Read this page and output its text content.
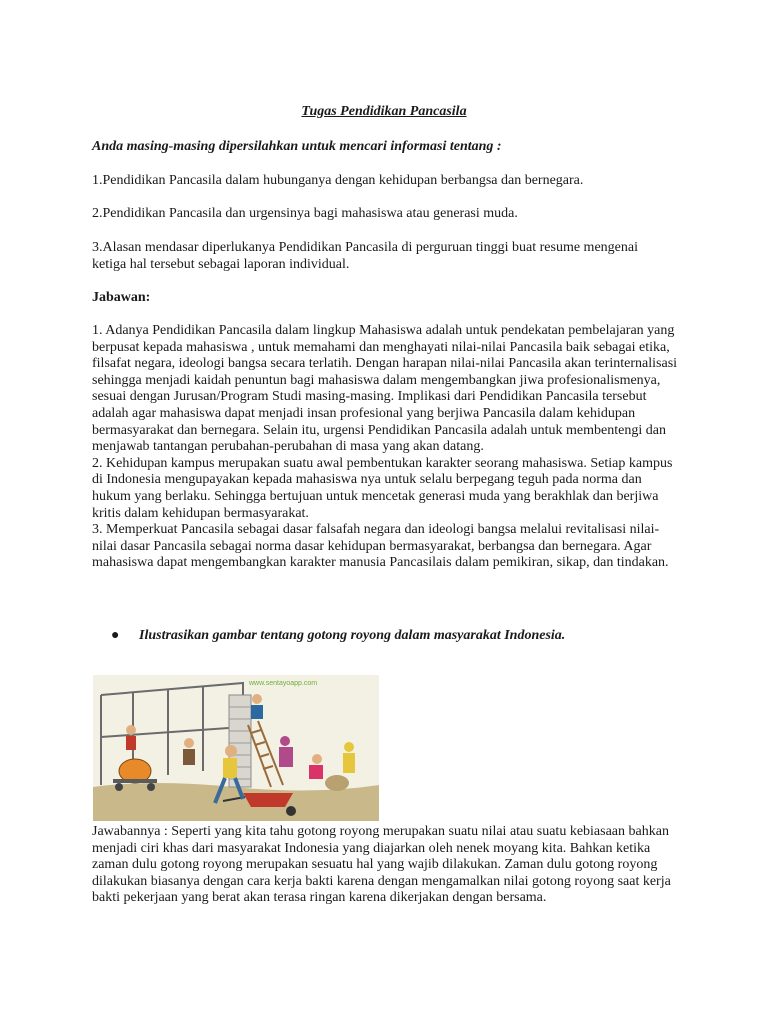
Tugas Pendidikan Pancasila
Anda masing-masing dipersilahkan untuk mencari informasi tentang :
1.Pendidikan Pancasila dalam hubunganya dengan kehidupan berbangsa dan bernegara.
2.Pendidikan Pancasila dan urgensinya bagi mahasiswa atau generasi muda.
3.Alasan mendasar diperlukanya Pendidikan Pancasila di perguruan tinggi buat resume mengenai ketiga hal tersebut sebagai laporan individual.
Jabawan:
1. Adanya Pendidikan Pancasila dalam lingkup Mahasiswa adalah untuk pendekatan pembelajaran yang berpusat kepada mahasiswa , untuk memahami dan menghayati nilai-nilai Pancasila baik sebagai etika, filsafat negara, ideologi bangsa secara terlatih. Dengan harapan nilai-nilai Pancasila akan terinternalisasi sehingga menjadi kaidah penuntun bagi mahasiswa dalam mengembangkan jiwa profesionalismenya, sesuai dengan Jurusan/Program Studi masing-masing. Implikasi dari Pendidikan Pancasila tersebut adalah agar mahasiswa dapat menjadi insan profesional yang berjiwa Pancasila dalam kehidupan bermasyarakat dan bernegara. Selain itu, urgensi Pendidikan Pancasila adalah untuk membentengi dan menjawab tantangan perubahan-perubahan di masa yang akan datang.
2. Kehidupan kampus merupakan suatu awal pembentukan karakter seorang mahasiswa. Setiap kampus di Indonesia mengupayakan kepada mahasiswa nya untuk selalu berpegang teguh pada norma dan hukum yang berlaku. Sehingga bertujuan untuk mencetak generasi muda yang berakhlak dan berjiwa kritis dalam kehidupan bermasyarakat.
3. Memperkuat Pancasila sebagai dasar falsafah negara dan ideologi bangsa melalui revitalisasi nilai-nilai dasar Pancasila sebagai norma dasar kehidupan bermasyarakat, berbangsa dan bernegara. Agar mahasiswa dapat mengembangkan karakter manusia Pancasilais dalam pemikiran, sikap, dan tindakan.
●	Ilustrasikan gambar tentang gotong royong dalam masyarakat Indonesia.
www.sentayoapp.com
Jawabannya : Seperti yang kita tahu gotong royong merupakan suatu nilai atau suatu kebiasaan bahkan menjadi ciri khas dari masyarakat Indonesia yang diajarkan oleh nenek moyang kita. Bahkan ketika zaman dulu gotong royong merupakan sesuatu hal yang wajib dilakukan. Zaman dulu gotong royong dilakukan biasanya dengan cara kerja bakti karena dengan mengamalkan nilai gotong royong saat kerja bakti pekerjaan yang berat akan terasa ringan karena dikerjakan dengan bersama.
